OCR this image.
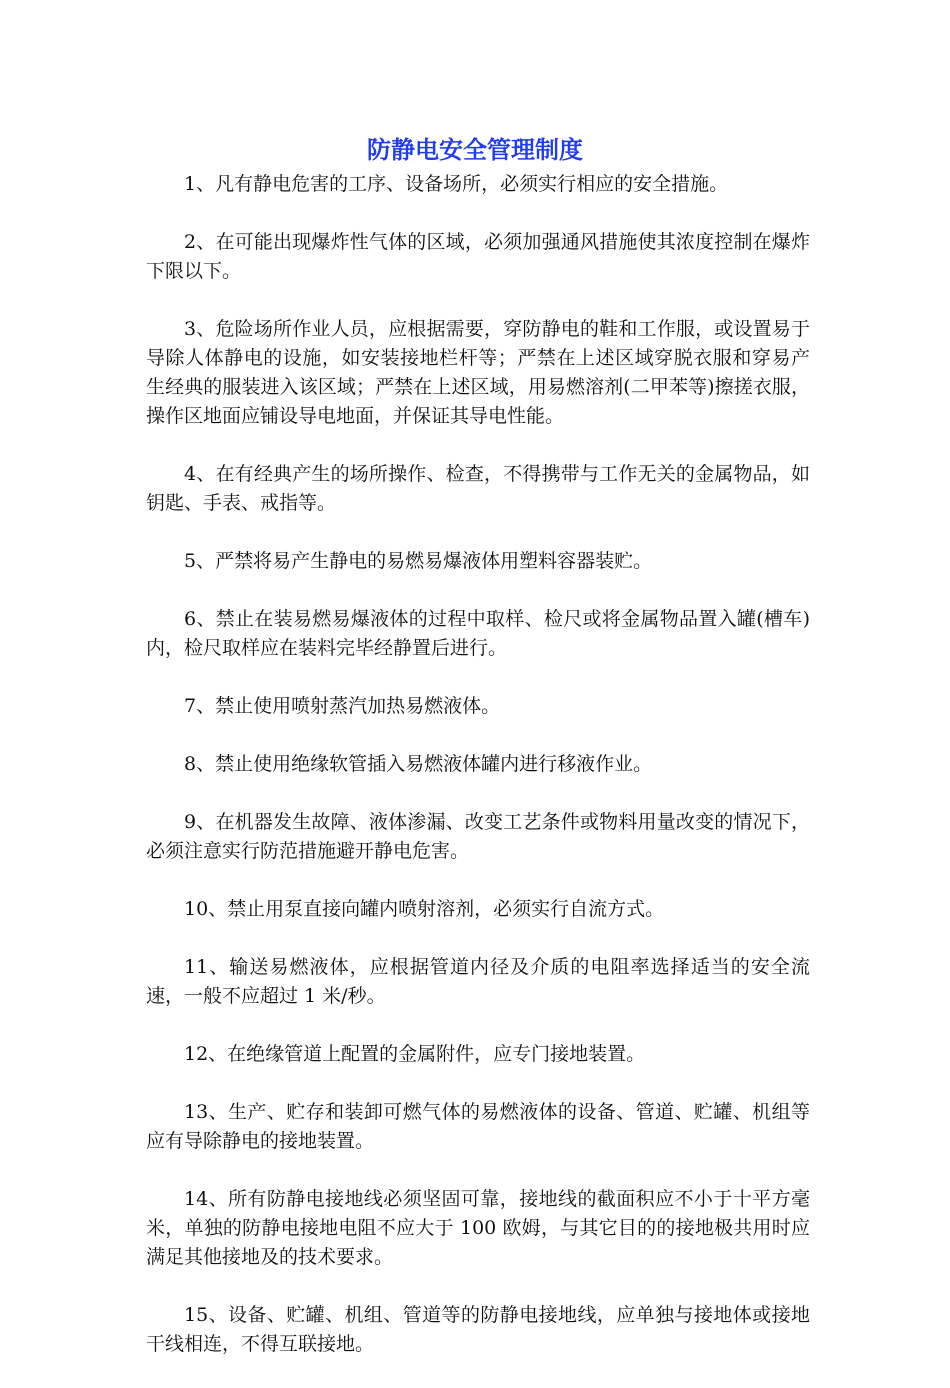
防静电安全管理制度

1、凡有静电危害的工序、设备场所，必须实行相应的安全措施。

2、在可能出现爆炸性气体的区域，必须加强通风措施使其浓度控制在爆炸下限以下。

3、危险场所作业人员，应根据需要，穿防静电的鞋和工作服，或设置易于导除人体静电的设施，如安装接地栏杆等；严禁在上述区域穿脱衣服和穿易产生经典的服装进入该区域；严禁在上述区域，用易燃溶剂(二甲苯等)擦搓衣服，操作区地面应铺设导电地面，并保证其导电性能。

4、在有经典产生的场所操作、检查，不得携带与工作无关的金属物品，如钥匙、手表、戒指等。

5、严禁将易产生静电的易燃易爆液体用塑料容器装贮。

6、禁止在装易燃易爆液体的过程中取样、检尺或将金属物品置入罐(槽车)内，检尺取样应在装料完毕经静置后进行。

7、禁止使用喷射蒸汽加热易燃液体。

8、禁止使用绝缘软管插入易燃液体罐内进行移液作业。

9、在机器发生故障、液体渗漏、改变工艺条件或物料用量改变的情况下，必须注意实行防范措施避开静电危害。

10、禁止用泵直接向罐内喷射溶剂，必须实行自流方式。

11、输送易燃液体，应根据管道内径及介质的电阻率选择适当的安全流速，一般不应超过 1 米/秒。

12、在绝缘管道上配置的金属附件，应专门接地装置。

13、生产、贮存和装卸可燃气体的易燃液体的设备、管道、贮罐、机组等应有导除静电的接地装置。

14、所有防静电接地线必须坚固可靠，接地线的截面积应不小于十平方毫米，单独的防静电接地电阻不应大于 100 欧姆，与其它目的的接地极共用时应满足其他接地及的技术要求。

15、设备、贮罐、机组、管道等的防静电接地线，应单独与接地体或接地干线相连，不得互联接地。
